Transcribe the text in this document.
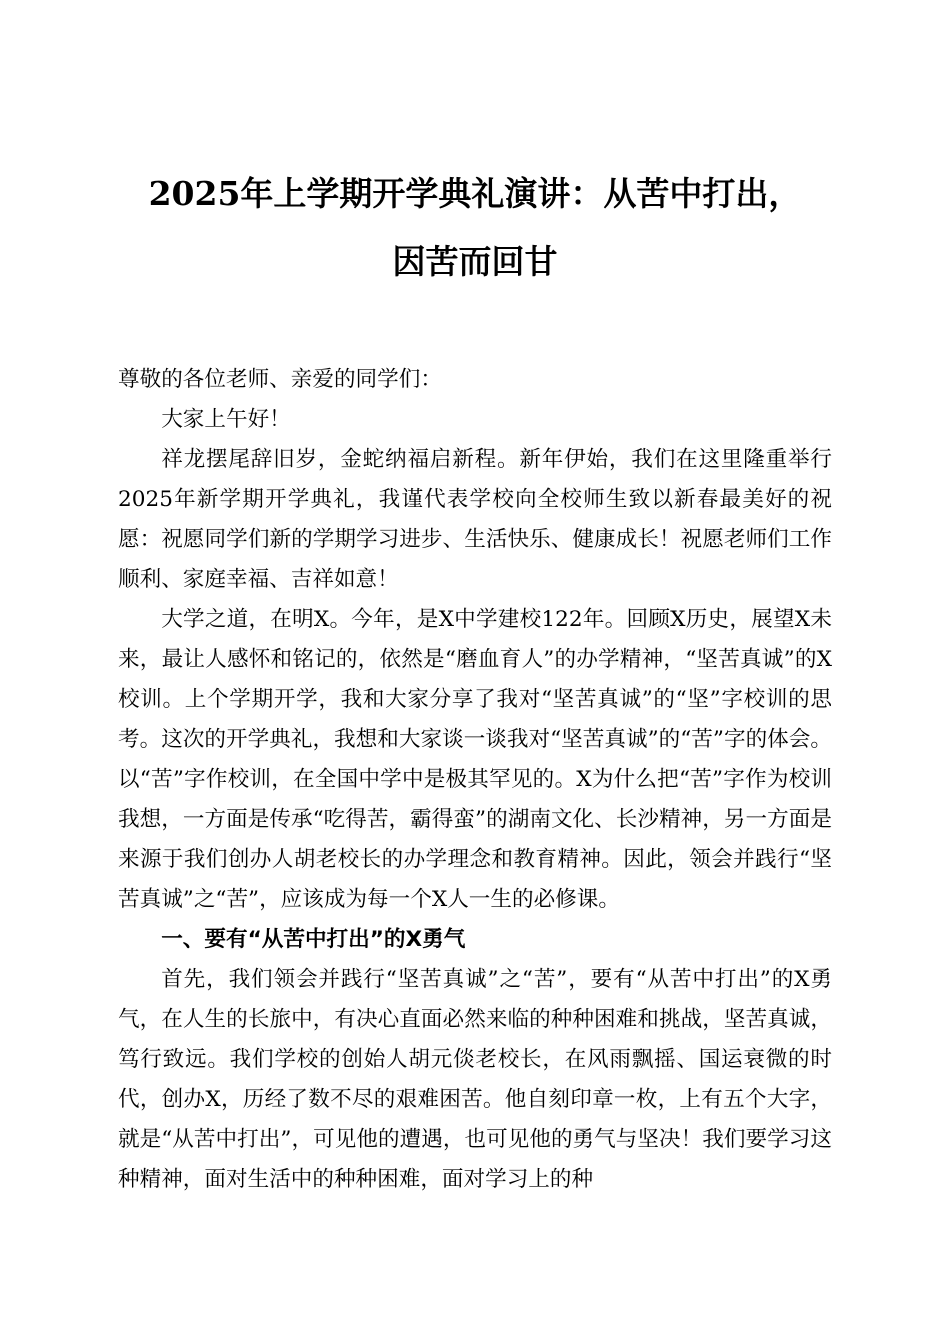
2025年上学期开学典礼演讲：从苦中打出，
因苦而回甘

尊敬的各位老师、亲爱的同学们：

大家上午好！

祥龙摆尾辞旧岁，金蛇纳福启新程。新年伊始，我们在这里隆重举行2025年新学期开学典礼，我谨代表学校向全校师生致以新春最美好的祝愿：祝愿同学们新的学期学习进步、生活快乐、健康成长！祝愿老师们工作顺利、家庭幸福、吉祥如意！

大学之道，在明X。今年，是X中学建校122年。回顾X历史，展望X未来，最让人感怀和铭记的，依然是“磨血育人”的办学精神，“坚苦真诚”的X校训。上个学期开学，我和大家分享了我对“坚苦真诚”的“坚”字校训的思考。这次的开学典礼，我想和大家谈一谈我对“坚苦真诚”的“苦”字的体会。以“苦”字作校训，在全国中学中是极其罕见的。X为什么把“苦”字作为校训我想，一方面是传承“吃得苦，霸得蛮”的湖南文化、长沙精神，另一方面是来源于我们创办人胡老校长的办学理念和教育精神。因此，领会并践行“坚苦真诚”之“苦”，应该成为每一个X人一生的必修课。

一、要有“从苦中打出”的X勇气

首先，我们领会并践行“坚苦真诚”之“苦”，要有“从苦中打出”的X勇气，在人生的长旅中，有决心直面必然来临的种种困难和挑战，坚苦真诚，笃行致远。我们学校的创始人胡元倓老校长，在风雨飘摇、国运衰微的时代，创办X，历经了数不尽的艰难困苦。他自刻印章一枚，上有五个大字，就是“从苦中打出”，可见他的遭遇，也可见他的勇气与坚决！我们要学习这种精神，面对生活中的种种困难，面对学习上的种
